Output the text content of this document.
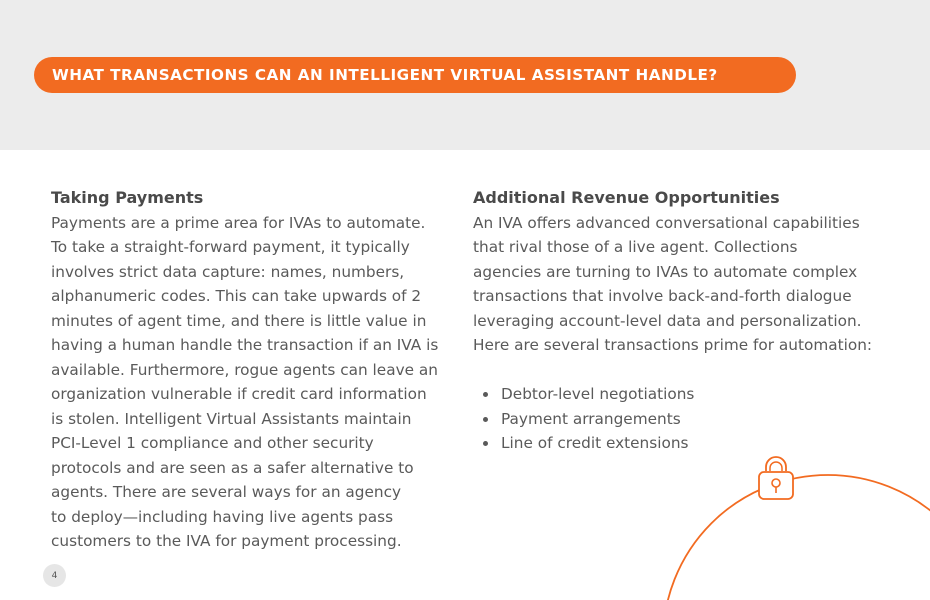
WHAT TRANSACTIONS CAN AN INTELLIGENT VIRTUAL ASSISTANT HANDLE?
Taking Payments
Payments are a prime area for IVAs to automate.
To take a straight-forward payment, it typically
involves strict data capture: names, numbers,
alphanumeric codes. This can take upwards of 2
minutes of agent time, and there is little value in
having a human handle the transaction if an IVA is
available. Furthermore, rogue agents can leave an
organization vulnerable if credit card information
is stolen. Intelligent Virtual Assistants maintain
PCI-Level 1 compliance and other security
protocols and are seen as a safer alternative to
agents. There are several ways for an agency
to deploy—including having live agents pass
customers to the IVA for payment processing.
Additional Revenue Opportunities
An IVA offers advanced conversational capabilities
that rival those of a live agent. Collections
agencies are turning to IVAs to automate complex
transactions that involve back-and-forth dialogue
leveraging account-level data and personalization.
Here are several transactions prime for automation:
Debtor-level negotiations
Payment arrangements
Line of credit extensions
4
